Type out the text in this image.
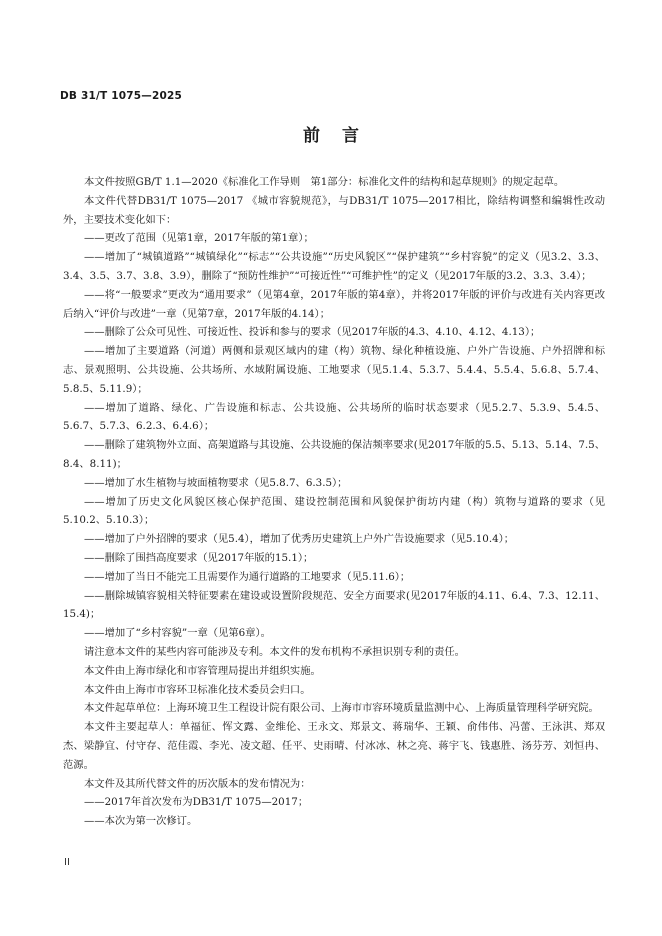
DB 31/T 1075—2025
前言

本文件按照GB/T 1.1—2020《标准化工作导则　第1部分：标准化文件的结构和起草规则》的规定起草。

本文件代替DB31/T 1075—2017 《城市容貌规范》，与DB31/T 1075—2017相比，除结构调整和编辑性改动外，主要技术变化如下：

——更改了范围（见第1章，2017年版的第1章）；

——增加了“城镇道路”“城镇绿化”“标志”“公共设施”“历史风貌区”“保护建筑”“乡村容貌”的定义（见3.2、3.3、3.4、3.5、3.7、3.8、3.9），删除了“预防性维护”“可接近性”“可维护性”的定义（见2017年版的3.2、3.3、3.4）；

——将“一般要求”更改为“通用要求”（见第4章，2017年版的第4章），并将2017年版的评价与改进有关内容更改后纳入“评价与改进”一章（见第7章，2017年版的4.14）；

——删除了公众可见性、可接近性、投诉和参与的要求（见2017年版的4.3、4.10、4.12、4.13）；

——增加了主要道路（河道）两侧和景观区域内的建（构）筑物、绿化种植设施、户外广告设施、户外招牌和标志、景观照明、公共设施、公共场所、水域附属设施、工地要求（见5.1.4、5.3.7、5.4.4、5.5.4、5.6.8、5.7.4、5.8.5、5.11.9）；

——增加了道路、绿化、广告设施和标志、公共设施、公共场所的临时状态要求（见5.2.7、5.3.9、5.4.5、5.6.7、5.7.3、6.2.3、6.4.6）；

——删除了建筑物外立面、高架道路与其设施、公共设施的保洁频率要求(见2017年版的5.5、5.13、5.14、7.5、8.4、8.11)；

——增加了水生植物与坡面植物要求（见5.8.7、6.3.5）；

——增加了历史文化风貌区核心保护范围、建设控制范围和风貌保护街坊内建（构）筑物与道路的要求（见5.10.2、5.10.3）；

——增加了户外招牌的要求（见5.4），增加了优秀历史建筑上户外广告设施要求（见5.10.4）；

——删除了围挡高度要求（见2017年版的15.1）；

——增加了当日不能完工且需要作为通行道路的工地要求（见5.11.6）；

——删除城镇容貌相关特征要素在建设或设置阶段规范、安全方面要求(见2017年版的4.11、6.4、7.3、12.11、15.4)；

——增加了“乡村容貌”一章（见第6章）。

请注意本文件的某些内容可能涉及专利。本文件的发布机构不承担识别专利的责任。

本文件由上海市绿化和市容管理局提出并组织实施。

本文件由上海市市容环卫标准化技术委员会归口。

本文件起草单位：上海环境卫生工程设计院有限公司、上海市市容环境质量监测中心、上海质量管理科学研究院。

本文件主要起草人：单福征、恽文露、金维伦、王永文、郑景文、蒋瑞华、王颖、俞伟伟、冯蕾、王泳淇、郑双杰、梁静宜、付守存、范佳霞、李光、凌文超、任平、史雨晴、付冰冰、林之亮、蒋宇飞、钱惠胜、汤芬芳、刘恒冉、范源。

本文件及其所代替文件的历次版本的发布情况为：

——2017年首次发布为DB31/T 1075—2017；

——本次为第一次修订。

II
